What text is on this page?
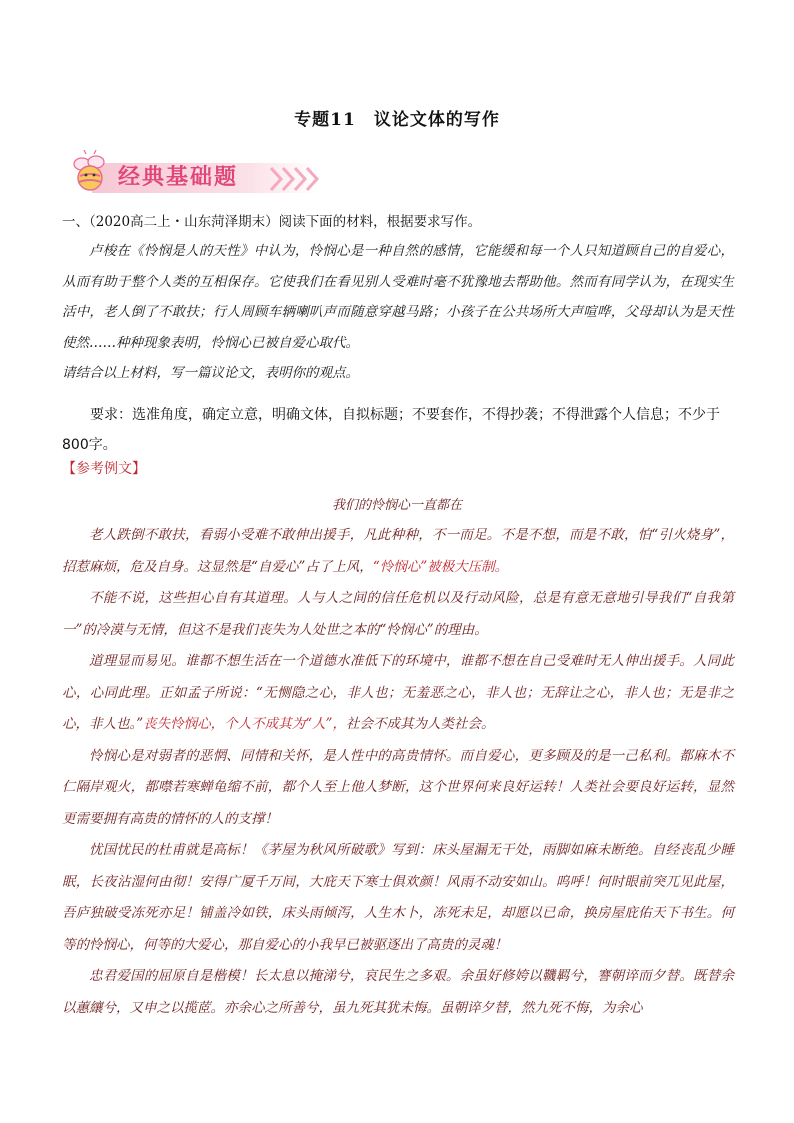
专题11　议论文体的写作
经典基础题
一、（2020高二上・山东菏泽期末）阅读下面的材料，根据要求写作。

卢梭在《怜悯是人的天性》中认为，怜悯心是一种自然的感情，它能缓和每一个人只知道顾自己的自爱心，从而有助于整个人类的互相保存。它使我们在看见别人受难时毫不犹豫地去帮助他。然而有同学认为，在现实生活中，老人倒了不敢扶；行人周顾车辆喇叭声而随意穿越马路；小孩子在公共场所大声喧哗，父母却认为是天性使然……种种现象表明，怜悯心已被自爱心取代。

请结合以上材料，写一篇议论文，表明你的观点。

要求：选准角度，确定立意，明确文体，自拟标题；不要套作，不得抄袭；不得泄露个人信息；不少于800字。

【参考例文】
我们的怜悯心一直都在

老人跌倒不敢扶，看弱小受难不敢伸出援手，凡此种种，不一而足。不是不想，而是不敢，怕“引火烧身”，招惹麻烦，危及自身。这显然是“自爱心”占了上风，“怜悯心”被极大压制。

不能不说，这些担心自有其道理。人与人之间的信任危机以及行动风险，总是有意无意地引导我们“自我第一”的冷漠与无情，但这不是我们丧失为人处世之本的“怜悯心”的理由。

道理显而易见。谁都不想生活在一个道德水准低下的环境中，谁都不想在自己受难时无人伸出援手。人同此心，心同此理。正如孟子所说：“无恻隐之心，非人也；无羞恶之心，非人也；无辞让之心，非人也；无是非之心，非人也。”丧失怜悯心，个人不成其为“人”，社会不成其为人类社会。

怜悯心是对弱者的恶惘、同情和关怀，是人性中的高贵情怀。而自爱心，更多顾及的是一己私利。都麻木不仁隔岸观火，都噤若寒蝉龟缩不前，都个人至上他人梦断，这个世界何来良好运转！人类社会要良好运转，显然更需要拥有高贵的情怀的人的支撑！

忧国忧民的杜甫就是高标！《茅屋为秋风所破歌》写到：床头屋漏无干处，雨脚如麻未断绝。自经丧乱少睡眠，长夜沾湿何由彻！安得广厦千万间，大庇天下寒士俱欢颜！风雨不动安如山。呜呼！何时眼前突兀见此屋，吾庐独破受冻死亦足！铺盖冷如铁，床头雨倾泻，人生木卜，冻死未足，却愿以已命，换房屋庇佑天下书生。何等的怜悯心，何等的大爱心，那自爱心的小我早已被驱逐出了高贵的灵魂！

忠君爱国的屈原自是楷模！长太息以掩涕兮，哀民生之多艰。余虽好修姱以鞿羁兮，謇朝谇而夕替。既替余以蕙纕兮，又申之以揽茝。亦余心之所善兮，虽九死其犹未悔。虽朝谇夕替，然九死不悔，为余心
